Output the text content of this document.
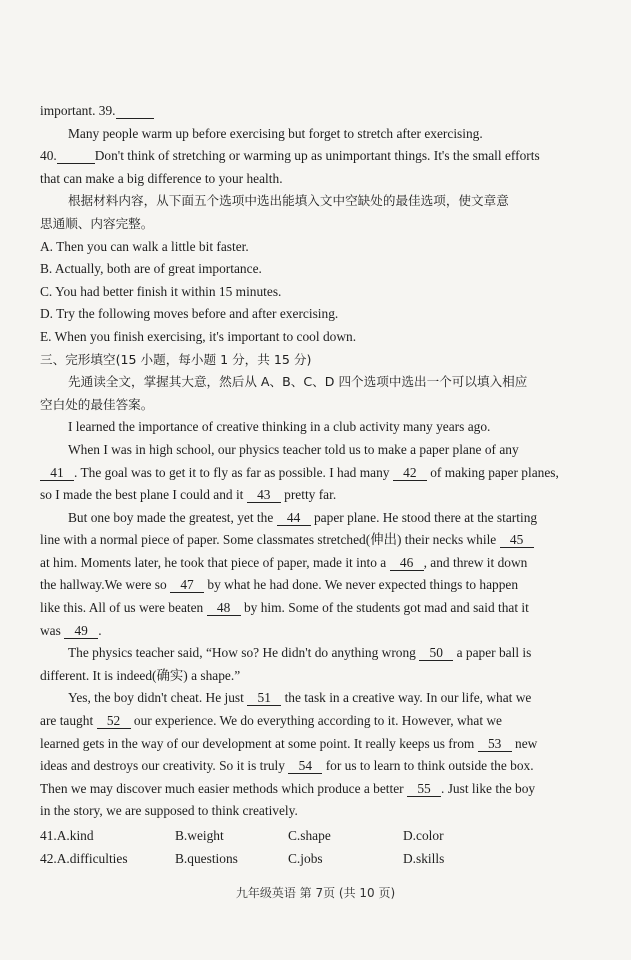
important. 39.
Many people warm up before exercising but forget to stretch after exercising.
40.	Don't think of stretching or warming up as unimportant things. It's the small efforts
that can make a big difference to your health.
根据材料内容，从下面五个选项中选出能填入文中空缺处的最佳选项，使文章意
思通顺、内容完整。
A. Then you can walk a little bit faster.
B. Actually, both are of great importance.
C. You had better finish it within 15 minutes.
D. Try the following moves before and after exercising.
E. When you finish exercising, it's important to cool down.
三、完形填空(15 小题，每小题 1 分，共 15 分)
先通读全文，掌握其大意，然后从 A、B、C、D 四个选项中选出一个可以填入相应
空白处的最佳答案。
I learned the importance of creative thinking in a club activity many years ago.
When I was in high school, our physics teacher told us to make a paper plane of any
41 . The goal was to get it to fly as far as possible. I had many 42 of making paper planes,
so I made the best plane I could and it 43 pretty far.
But one boy made the greatest, yet the 44 paper plane. He stood there at the starting
line with a normal piece of paper. Some classmates stretched(伸出) their necks while 45
at him. Moments later, he took that piece of paper, made it into a 46 , and threw it down
the hallway.We were so 47 by what he had done. We never expected things to happen
like this. All of us were beaten 48 by him. Some of the students got mad and said that it
was 49 .
The physics teacher said, “How so? He didn't do anything wrong 50 a paper ball is
different. It is indeed(确实) a shape.”
Yes, the boy didn't cheat. He just 51 the task in a creative way. In our life, what we
are taught 52 our experience. We do everything according to it. However, what we
learned gets in the way of our development at some point. It really keeps us from 53 new
ideas and destroys our creativity. So it is truly 54 for us to learn to think outside the box.
Then we may discover much easier methods which produce a better 55 . Just like the boy
in the story, we are supposed to think creatively.
41.A.kind	B.weight	C.shape	D.color
42.A.difficulties	B.questions	C.jobs	D.skills
九年级英语 第 7页 (共 10 页)
